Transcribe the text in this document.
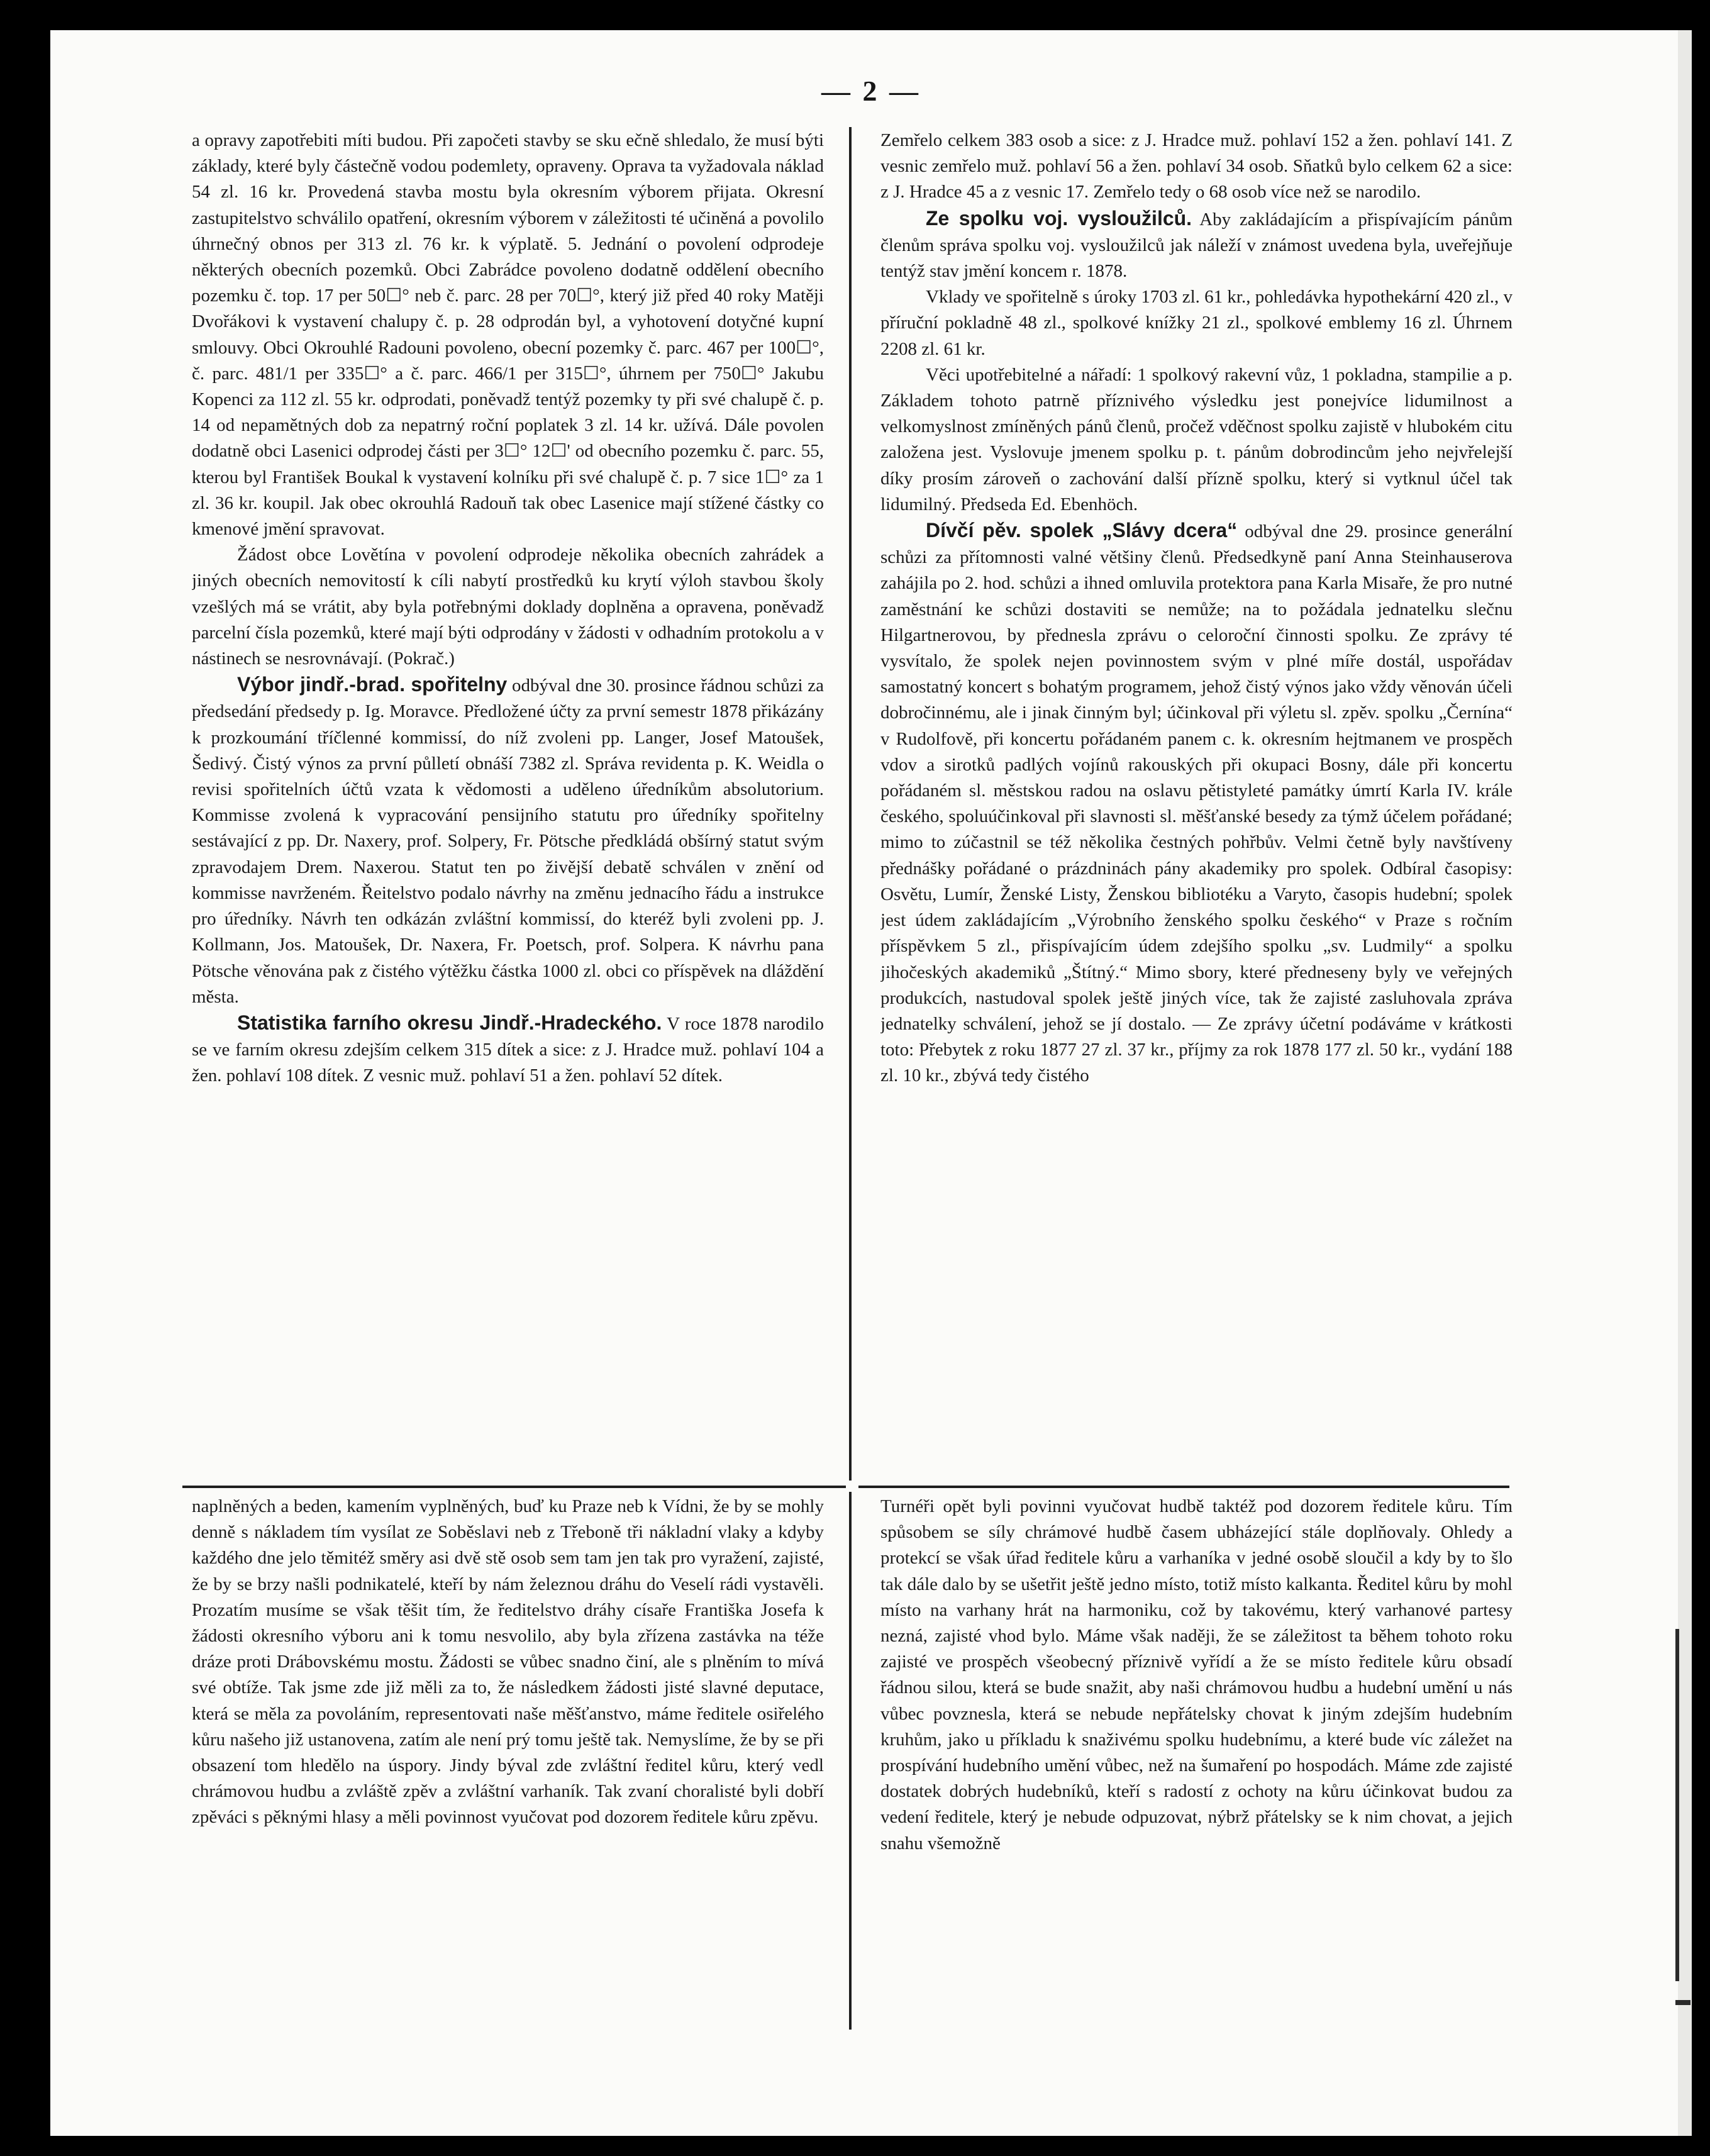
— 2 —

a opravy zapotřebiti míti budou. Při započeti stavby se sku ečně shledalo, že musí býti základy, které byly částečně vodou podemlety, opraveny. Oprava ta vyžadovala náklad 54 zl. 16 kr. Provedená stavba mostu byla okresním výborem přijata. Okresní zastupitelstvo schválilo opatření, okresním výborem v záležitosti té učiněná a povolilo úhrnečný obnos per 313 zl. 76 kr. k výplatě. 5. Jednání o povolení odprodeje některých obecních pozemků. Obci Zabrádce povoleno dodatně oddělení obecního pozemku č. top. 17 per 50☐° neb č. parc. 28 per 70☐°, který již před 40 roky Matěji Dvořákovi k vystavení chalupy č. p. 28 odprodán byl, a vyhotovení dotyčné kupní smlouvy. Obci Okrouhlé Radouni povoleno, obecní pozemky č. parc. 467 per 100☐°, č. parc. 481/1 per 335☐° a č. parc. 466/1 per 315☐°, úhrnem per 750☐° Jakubu Kopenci za 112 zl. 55 kr. odprodati, poněvadž tentýž pozemky ty při své chalupě č. p. 14 od nepamětných dob za nepatrný roční poplatek 3 zl. 14 kr. užívá. Dále povolen dodatně obci Lasenici odprodej části per 3☐° 12☐' od obecního pozemku č. parc. 55, kterou byl František Boukal k vystavení kolníku při své chalupě č. p. 7 sice 1☐° za 1 zl. 36 kr. koupil. Jak obec okrouhlá Radouň tak obec Lasenice mají stížené částky co kmenové jmění spravovat.

Žádost obce Lovětína v povolení odprodeje několika obecních zahrádek a jiných obecních nemovitostí k cíli nabytí prostředků ku krytí výloh stavbou školy vzešlých má se vrátit, aby byla potřebnými doklady doplněna a opravena, poněvadž parcelní čísla pozemků, které mají býti odprodány v žádosti v odhadním protokolu a v nástinech se nesrovnávají. (Pokrač.)

Výbor jindř.-brad. spořitelny odbýval dne 30. prosince řádnou schůzi za předsedání předsedy p. Ig. Moravce. Předložené účty za první semestr 1878 přikázány k prozkoumání tříčlenné kommissí, do níž zvoleni pp. Langer, Josef Matoušek, Šedivý. Čistý výnos za první půlletí obnáší 7382 zl. Správa revidenta p. K. Weidla o revisi spořitelních účtů vzata k vědomosti a uděleno úředníkům absolutorium. Kommisse zvolená k vypracování pensijního statutu pro úředníky spořitelny sestávající z pp. Dr. Naxery, prof. Solpery, Fr. Pötsche předkládá obšírný statut svým zpravodajem Drem. Naxerou. Statut ten po živější debatě schválen v znění od kommisse navrženém. Řeitelstvo podalo návrhy na změnu jednacího řádu a instrukce pro úředníky. Návrh ten odkázán zvláštní kommissí, do kteréž byli zvoleni pp. J. Kollmann, Jos. Matoušek, Dr. Naxera, Fr. Poetsch, prof. Solpera. K návrhu pana Pötsche věnována pak z čistého výtěžku částka 1000 zl. obci co příspěvek na dláždění města.

Statistika farního okresu Jindř.-Hradeckého. V roce 1878 narodilo se ve farním okresu zdejším celkem 315 dítek a sice: z J. Hradce muž. pohlaví 104 a žen. pohlaví 108 dítek. Z vesnic muž. pohlaví 51 a žen. pohlaví 52 dítek.

Zemřelo celkem 383 osob a sice: z J. Hradce muž. pohlaví 152 a žen. pohlaví 141. Z vesnic zemřelo muž. pohlaví 56 a žen. pohlaví 34 osob. Sňatků bylo celkem 62 a sice: z J. Hradce 45 a z vesnic 17. Zemřelo tedy o 68 osob více než se narodilo.

Ze spolku voj. vysloužilců. Aby zakládajícím a přispívajícím pánům členům správa spolku voj. vysloužilců jak náleží v známost uvedena byla, uveřejňuje tentýž stav jmění koncem r. 1878.

Vklady ve spořitelně s úroky 1703 zl. 61 kr., pohledávka hypothekární 420 zl., v příruční pokladně 48 zl., spolkové knížky 21 zl., spolkové emblemy 16 zl. Úhrnem 2208 zl. 61 kr.

Věci upotřebitelné a nářadí: 1 spolkový rakevní vůz, 1 pokladna, stampilie a p. Základem tohoto patrně příznivého výsledku jest ponejvíce lidumilnost a velkomyslnost zmíněných pánů členů, pročež vděčnost spolku zajistě v hlubokém citu založena jest. Vyslovuje jmenem spolku p. t. pánům dobrodincům jeho nejvřelejší díky prosím zároveň o zachování další přízně spolku, který si vytknul účel tak lidumilný. Předseda Ed. Ebenhöch.

Dívčí pěv. spolek „Slávy dcera“ odbýval dne 29. prosince generální schůzi za přítomnosti valné většiny členů. Předsedkyně paní Anna Steinhauserova zahájila po 2. hod. schůzi a ihned omluvila protektora pana Karla Misaře, že pro nutné zaměstnání ke schůzi dostaviti se nemůže; na to požádala jednatelku slečnu Hilgartnerovou, by přednesla zprávu o celoroční činnosti spolku. Ze zprávy té vysvítalo, že spolek nejen povinnostem svým v plné míře dostál, uspořádav samostatný koncert s bohatým programem, jehož čistý výnos jako vždy věnován účeli dobročinnému, ale i jinak činným byl; účinkoval při výletu sl. zpěv. spolku „Černína“ v Rudolfově, při koncertu pořádaném panem c. k. okresním hejtmanem ve prospěch vdov a sirotků padlých vojínů rakouských při okupaci Bosny, dále při koncertu pořádaném sl. městskou radou na oslavu pětistyleté památky úmrtí Karla IV. krále českého, spoluúčinkoval při slavnosti sl. měšťanské besedy za týmž účelem pořádané; mimo to zúčastnil se též několika čestných pohřbův. Velmi četně byly navštíveny přednášky pořádané o prázdninách pány akademiky pro spolek. Odbíral časopisy: Osvětu, Lumír, Ženské Listy, Ženskou bibliotéku a Varyto, časopis hudební; spolek jest údem zakládajícím „Výrobního ženského spolku českého“ v Praze s ročním příspěvkem 5 zl., přispívajícím údem zdejšího spolku „sv. Ludmily“ a spolku jihočeských akademiků „Štítný.“ Mimo sbory, které předneseny byly ve veřejných produkcích, nastudoval spolek ještě jiných více, tak že zajisté zasluhovala zpráva jednatelky schválení, jehož se jí dostalo. — Ze zprávy účetní podáváme v krátkosti toto: Přebytek z roku 1877 27 zl. 37 kr., příjmy za rok 1878 177 zl. 50 kr., vydání 188 zl. 10 kr., zbývá tedy čistého

naplněných a beden, kamením vyplněných, buď ku Praze neb k Vídni, že by se mohly denně s nákladem tím vysílat ze Soběslavi neb z Třeboně tři nákladní vlaky a kdyby každého dne jelo těmitéž směry asi dvě stě osob sem tam jen tak pro vyražení, zajisté, že by se brzy našli podnikatelé, kteří by nám železnou dráhu do Veselí rádi vystavěli. Prozatím musíme se však těšit tím, že ředitelstvo dráhy císaře Františka Josefa k žádosti okresního výboru ani k tomu nesvolilo, aby byla zřízena zastávka na téže dráze proti Drábovskému mostu. Žádosti se vůbec snadno činí, ale s plněním to mívá své obtíže. Tak jsme zde již měli za to, že následkem žádosti jisté slavné deputace, která se měla za povoláním, representovati naše měšťanstvo, máme ředitele osiřelého kůru našeho již ustanovena, zatím ale není prý tomu ještě tak. Nemyslíme, že by se při obsazení tom hledělo na úspory. Jindy býval zde zvláštní ředitel kůru, který vedl chrámovou hudbu a zvláště zpěv a zvláštní varhaník. Tak zvaní choralisté byli dobří zpěváci s pěknými hlasy a měli povinnost vyučovat pod dozorem ředitele kůru zpěvu.

Turnéři opět byli povinni vyučovat hudbě taktéž pod dozorem ředitele kůru. Tím spůsobem se síly chrámové hudbě časem ubházející stále doplňovaly. Ohledy a protekcí se však úřad ředitele kůru a varhaníka v jedné osobě sloučil a kdy by to šlo tak dále dalo by se ušetřit ještě jedno místo, totiž místo kalkanta. Ředitel kůru by mohl místo na varhany hrát na harmoniku, což by takovému, který varhanové partesy nezná, zajisté vhod bylo. Máme však naději, že se záležitost ta během tohoto roku zajisté ve prospěch všeobecný příznivě vyřídí a že se místo ředitele kůru obsadí řádnou silou, která se bude snažit, aby naši chrámovou hudbu a hudební umění u nás vůbec povznesla, která se nebude nepřátelsky chovat k jiným zdejším hudebním kruhům, jako u příkladu k snaživému spolku hudebnímu, a které bude víc záležet na prospívání hudebního umění vůbec, než na šumaření po hospodách. Máme zde zajisté dostatek dobrých hudebníků, kteří s radostí z ochoty na kůru účinkovat budou za vedení ředitele, který je nebude odpuzovat, nýbrž přátelsky se k nim chovat, a jejich snahu všemožně
